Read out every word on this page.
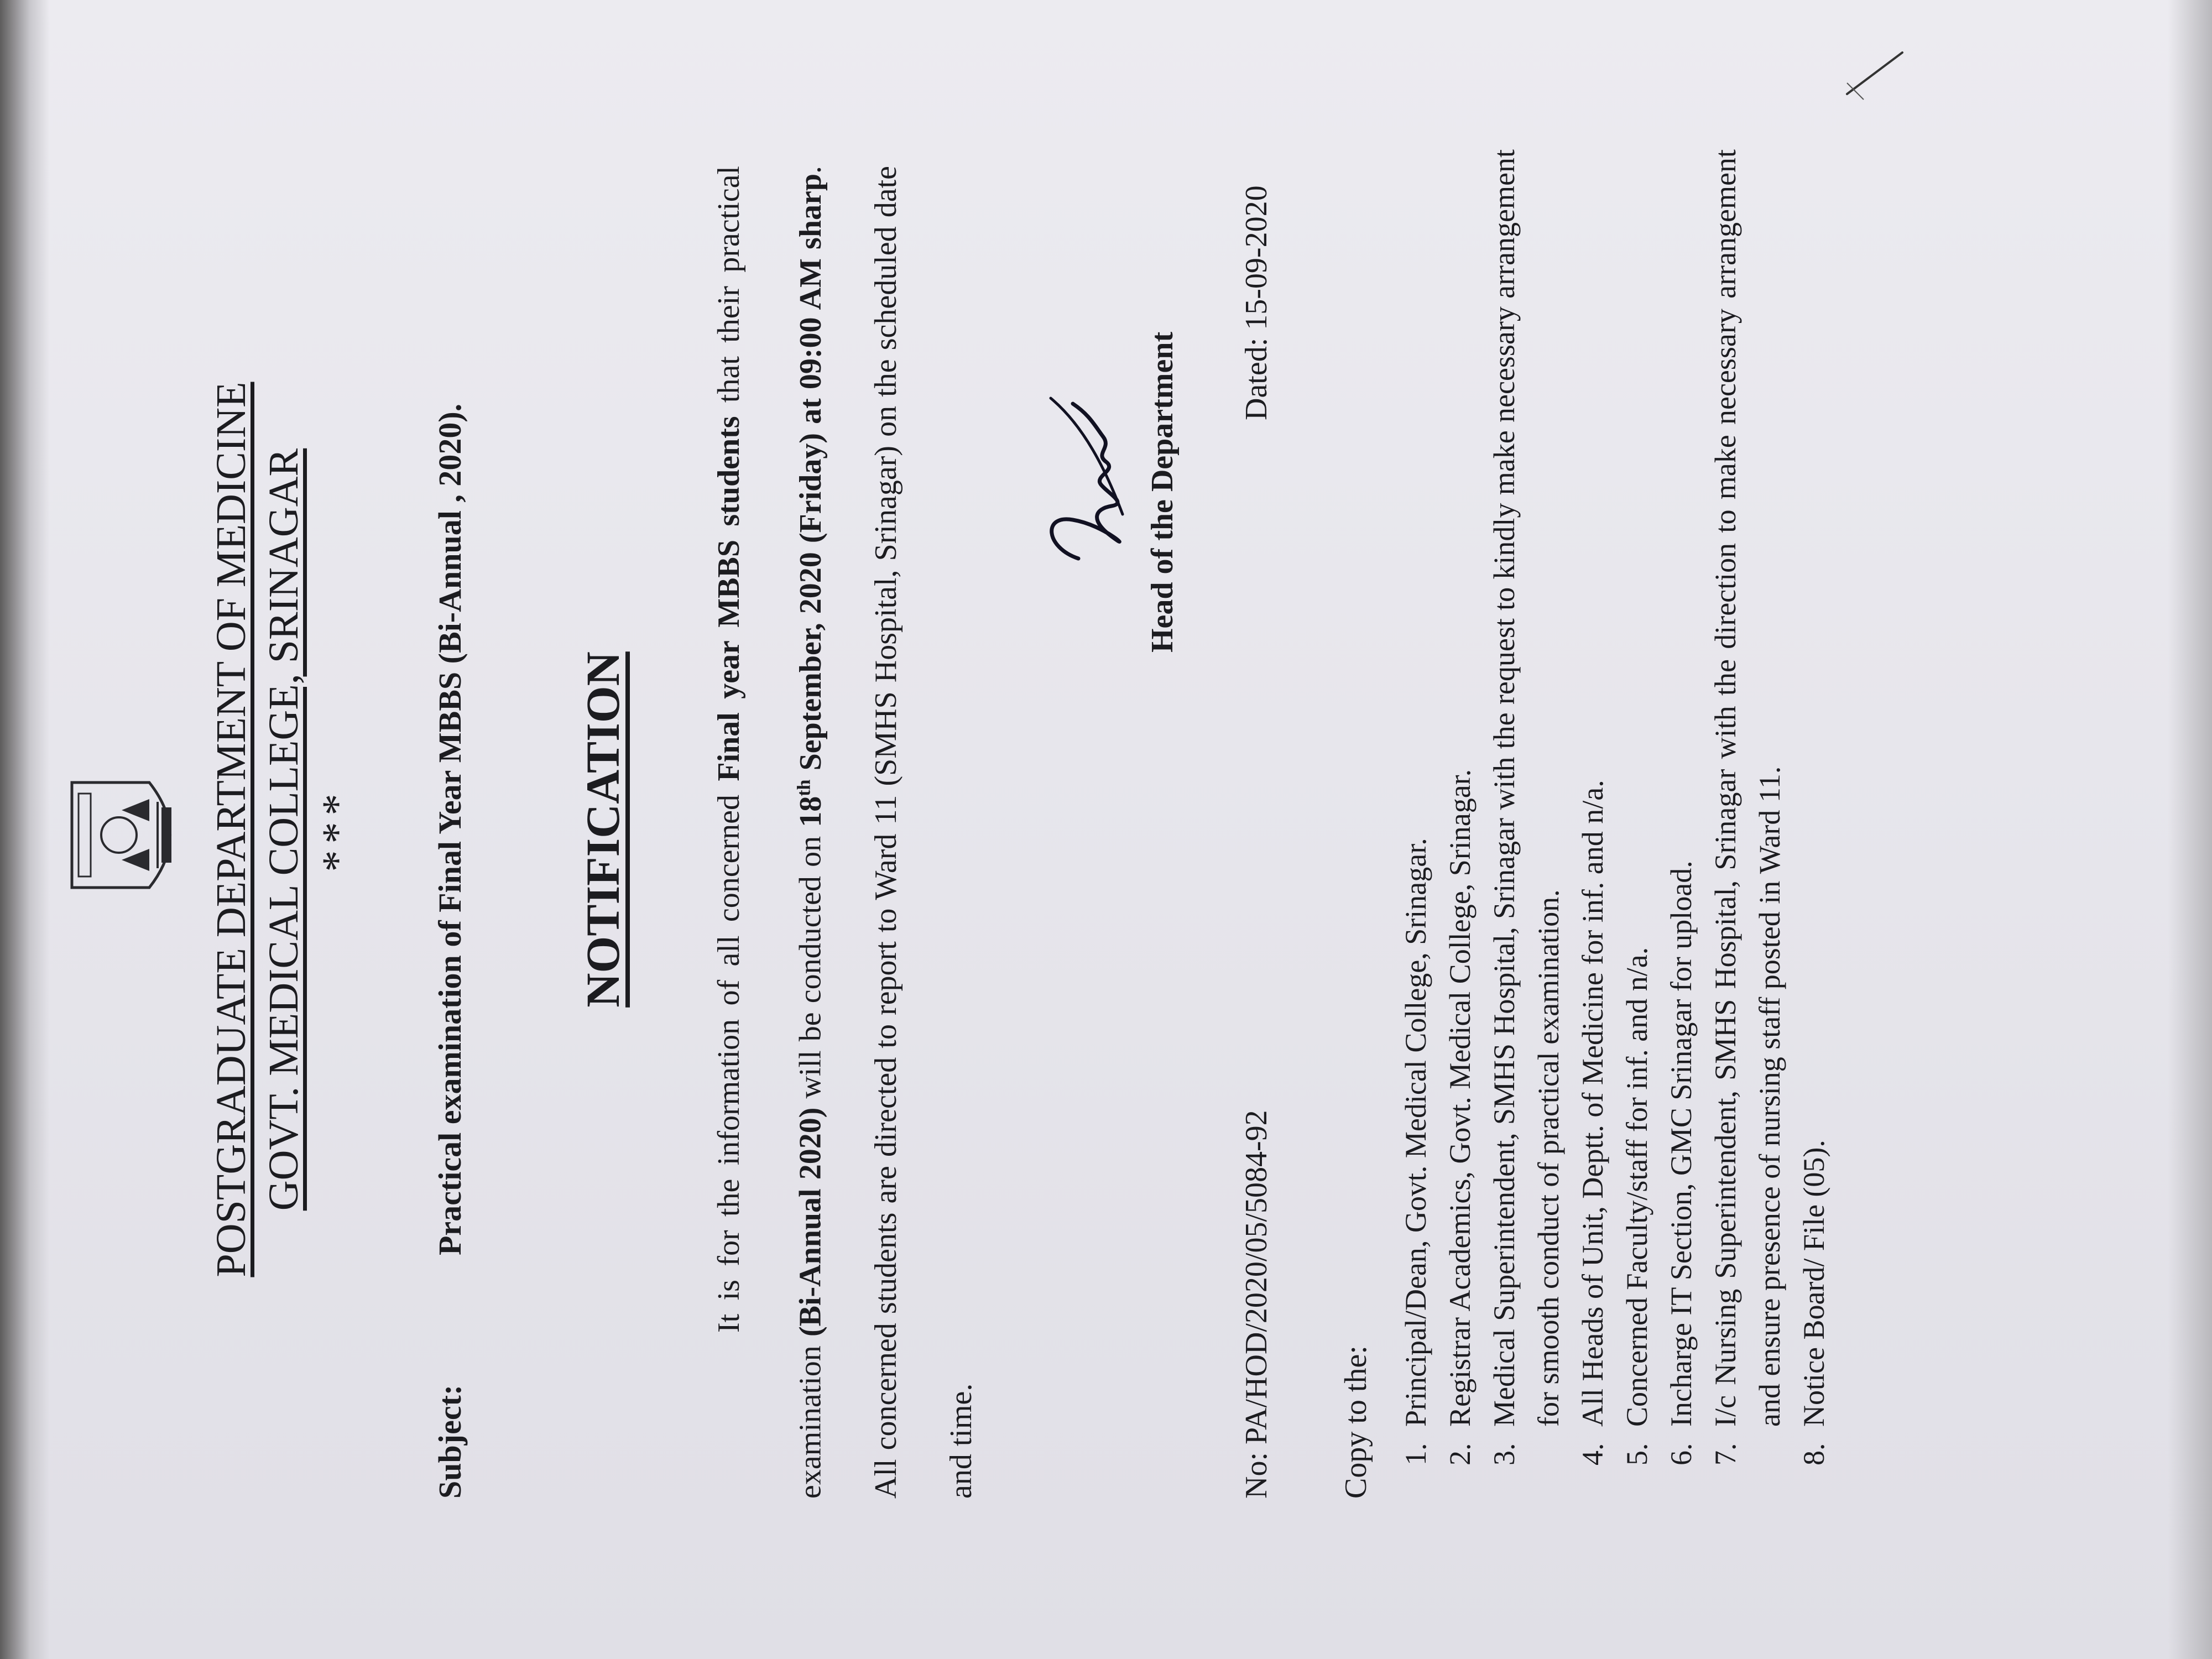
POSTGRADUATE DEPARTMENT OF MEDICINE GOVT. MEDICAL COLLEGE, SRINAGAR ***
Subject:
Practical examination of Final Year MBBS (Bi-Annual , 2020). NOTIFICATION	It is for the information of all concerned Final year MBBS students that their practical examination (Bi-Annual 2020) will be conducted on 18th September, 2020 (Friday) at 09:00 AM sharp. All concerned students are directed to report to Ward 11 (SMHS Hospital, Srinagar) on the scheduled date and time.

Head of the Department
No: PA/HOD/2020/05/5084-92
Dated: 15-09-2020
Copy to the: 1.
Principal/Dean, Govt. Medical College, Srinagar.
2.
Registrar Academics, Govt. Medical College, Srinagar.
3.
Medical Superintendent, SMHS Hospital, Srinagar with the request to kindly make necessary arrangement for smooth conduct of practical examination.
4.
All Heads of Unit, Deptt. of Medicine for inf. and n/a.
5.
Concerned Faculty/staff for inf. and n/a.
6.
Incharge IT Section, GMC Srinagar for upload.
7.
I/c Nursing Superintendent, SMHS Hospital, Srinagar with the direction to make necessary arrangement and ensure presence of nursing staff posted in Ward 11.
8.
Notice Board/ File (05).
